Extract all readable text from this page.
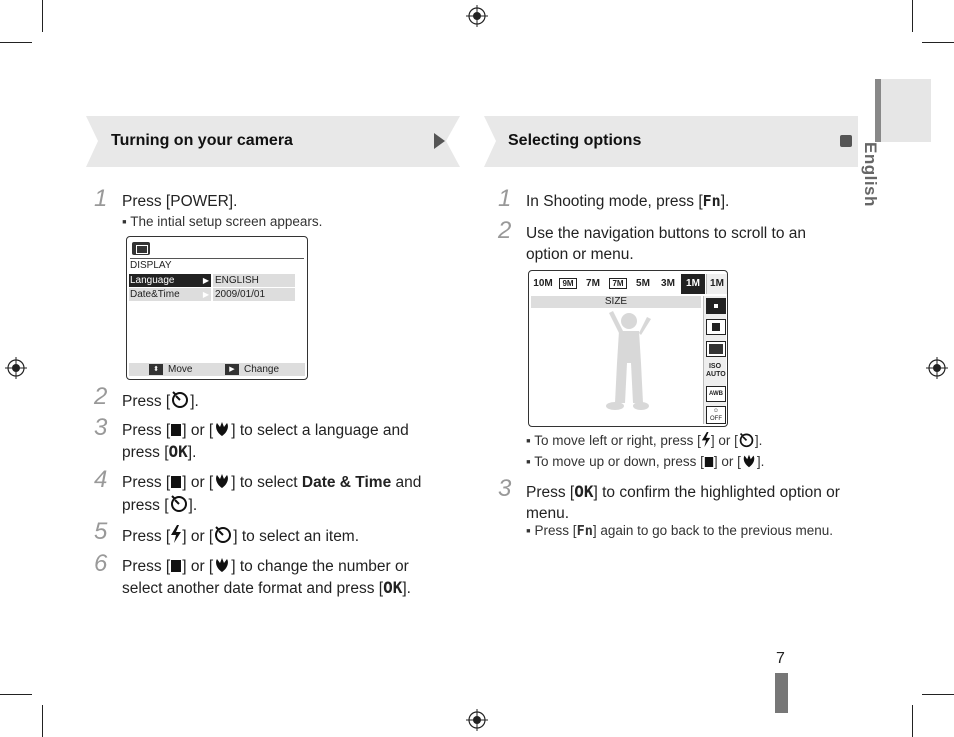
English
Turning on your camera
1 Press [POWER].
▪ The intial setup screen appears.
DISPLAY
Language	▶ ENGLISH
Date&Time	▶ 2009/01/01
⬍ Move	▶ Change
2 Press [ ].
3 Press [ ] or [ ] to select a language and
press [OK].
4 Press [ ] or [ ] to select Date & Time and
press [ ].
5 Press [ ] or [ ] to select an item.
6 Press [ ] or [ ] to change the number or
select another date format and press [OK].
Selecting options
1 In Shooting mode, press [Fn].
2 Use the navigation buttons to scroll to an
option or menu.
10M	9M	7M	7M	5M	3M	1M	1M
SIZE
ISO
AUTO
AWB
☺
OFF
▪ To move left or right, press [ ] or [ ].
▪ To move up or down, press [ ] or [ ].
3 Press [OK] to confirm the highlighted option or
menu.
▪ Press [Fn] again to go back to the previous menu.
7
